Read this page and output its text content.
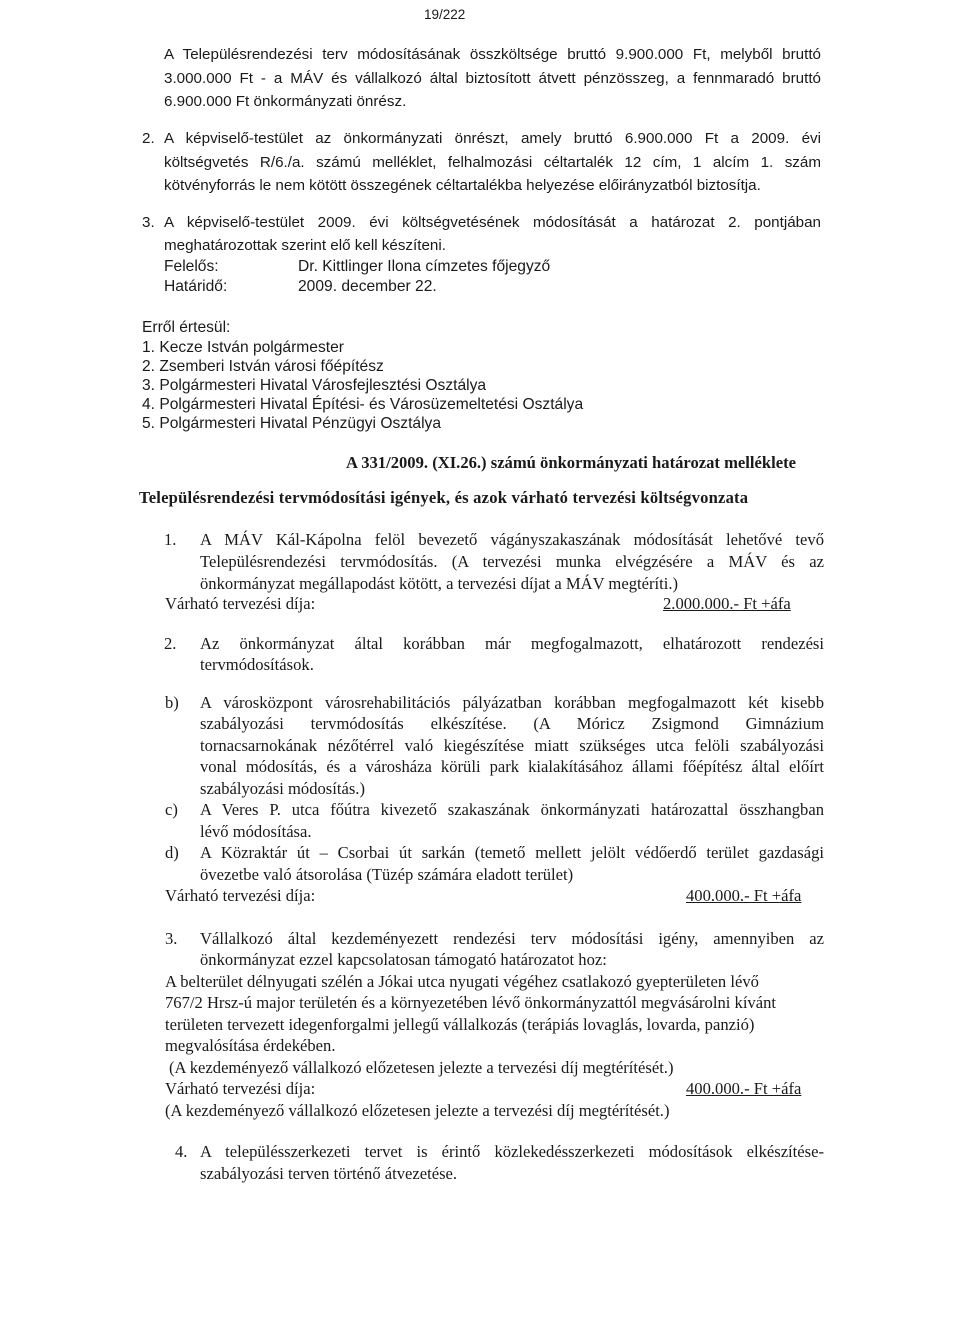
19/222
A Településrendezési terv módosításának összköltsége bruttó 9.900.000 Ft, melyből bruttó
3.000.000 Ft - a MÁV és vállalkozó által biztosított átvett pénzösszeg, a fennmaradó bruttó
6.900.000 Ft önkormányzati önrész.
2. A képviselő-testület az önkormányzati önrészt, amely bruttó 6.900.000 Ft a 2009. évi
költségvetés R/6./a. számú melléklet, felhalmozási céltartalék 12 cím, 1 alcím 1. szám
kötvényforrás le nem kötött összegének céltartalékba helyezése előirányzatból biztosítja.
3. A képviselő-testület 2009. évi költségvetésének módosítását a határozat 2. pontjában
meghatározottak szerint elő kell készíteni.
Felelős:	Dr. Kittlinger Ilona címzetes főjegyző
Határidő:	2009. december 22.
Erről értesül:
1. Kecze István polgármester
2. Zsemberi István városi főépítész
3. Polgármesteri Hivatal Városfejlesztési Osztálya
4. Polgármesteri Hivatal Építési- és Városüzemeltetési Osztálya
5. Polgármesteri Hivatal Pénzügyi Osztálya
A 331/2009. (XI.26.) számú önkormányzati határozat melléklete
Településrendezési tervmódosítási igények, és azok várható tervezési költségvonzata
1. A MÁV Kál-Kápolna felöl bevezető vágányszakaszának módosítását lehetővé tevő
Településrendezési tervmódosítás. (A tervezési munka elvégzésére a MÁV és az
önkormányzat megállapodást kötött, a tervezési díjat a MÁV megtéríti.)
Várható tervezési díja:	2.000.000.- Ft +áfa
2. Az önkormányzat által korábban már megfogalmazott, elhatározott rendezési
tervmódosítások.
b) A városközpont városrehabilitációs pályázatban korábban megfogalmazott két kisebb
szabályozási tervmódosítás elkészítése. (A Móricz Zsigmond Gimnázium
tornacsarnokának nézőtérrel való kiegészítése miatt szükséges utca felöli szabályozási
vonal módosítás, és a városháza körüli park kialakításához állami főépítész által előírt
szabályozási módosítás.)
c) A Veres P. utca főútra kivezető szakaszának önkormányzati határozattal összhangban
lévő módosítása.
d) A Közraktár út – Csorbai út sarkán (temető mellett jelölt védőerdő terület gazdasági
övezetbe való átsorolása (Tüzép számára eladott terület)
Várható tervezési díja:	400.000.- Ft +áfa
3. Vállalkozó által kezdeményezett rendezési terv módosítási igény, amennyiben az
önkormányzat ezzel kapcsolatosan támogató határozatot hoz:
A belterület délnyugati szélén a Jókai utca nyugati végéhez csatlakozó gyepterületen lévő
767/2 Hrsz-ú major területén és a környezetében lévő önkormányzattól megvásárolni kívánt
területen tervezett idegenforgalmi jellegű vállalkozás (terápiás lovaglás, lovarda, panzió)
megvalósítása érdekében.
(A kezdeményező vállalkozó előzetesen jelezte a tervezési díj megtérítését.)
Várható tervezési díja:	400.000.- Ft +áfa
(A kezdeményező vállalkozó előzetesen jelezte a tervezési díj megtérítését.)
4. A településszerkezeti tervet is érintő közlekedésszerkezeti módosítások elkészítése-
szabályozási terven történő átvezetése.
